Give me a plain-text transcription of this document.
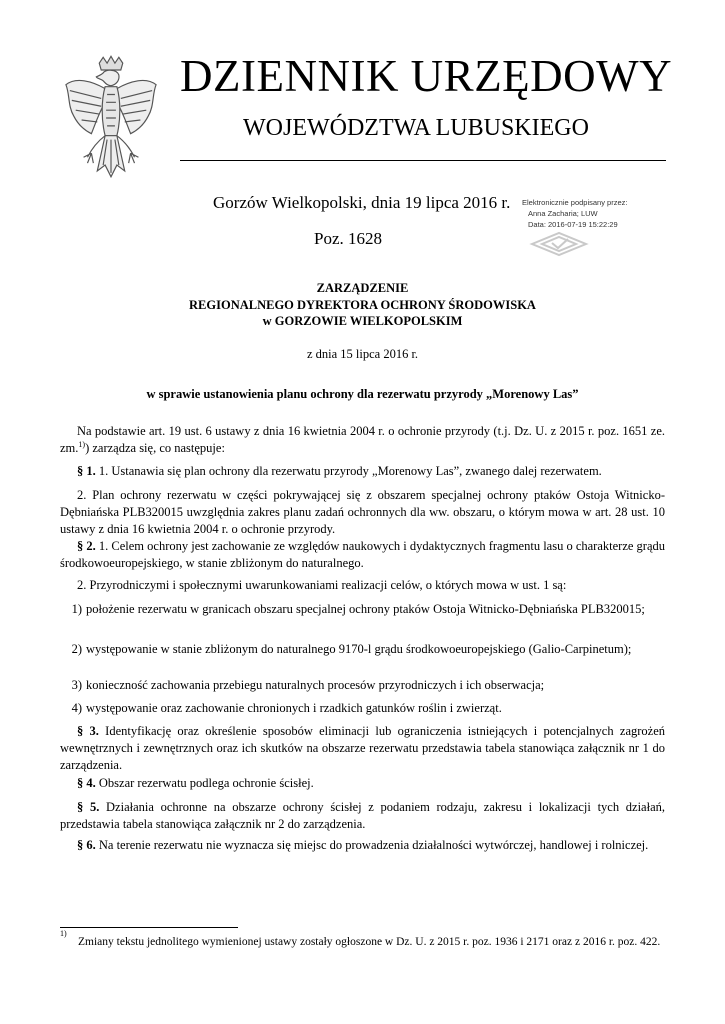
DZIENNIK URZĘDOWY
WOJEWÓDZTWA LUBUSKIEGO
Gorzów Wielkopolski, dnia 19 lipca 2016 r.
Poz. 1628
Elektronicznie podpisany przez:
Anna Zacharia; LUW
Data: 2016-07-19 15:22:29
ZARZĄDZENIE
REGIONALNEGO DYREKTORA OCHRONY ŚRODOWISKA
w GORZOWIE WIELKOPOLSKIM
z dnia 15 lipca 2016 r.
w sprawie ustanowienia planu ochrony dla rezerwatu przyrody „Morenowy Las”
Na podstawie art. 19 ust. 6 ustawy z dnia 16 kwietnia 2004 r. o ochronie przyrody (t.j. Dz. U. z 2015 r. poz. 1651 ze. zm.$^{1)}$) zarządza się, co następuje:
§ 1. 1. Ustanawia się plan ochrony dla rezerwatu przyrody „Morenowy Las”, zwanego dalej rezerwatem.
2. Plan ochrony rezerwatu w części pokrywającej się z obszarem specjalnej ochrony ptaków Ostoja Witnicko-Dębniańska PLB320015 uwzględnia zakres planu zadań ochronnych dla ww. obszaru, o którym mowa w art. 28 ust. 10 ustawy z dnia 16 kwietnia 2004 r. o ochronie przyrody.
§ 2. 1. Celem ochrony jest zachowanie ze względów naukowych i dydaktycznych fragmentu lasu o charakterze grądu środkowoeuropejskiego, w stanie zbliżonym do naturalnego.
2. Przyrodniczymi i społecznymi uwarunkowaniami realizacji celów, o których mowa w ust. 1 są:
1) położenie rezerwatu w granicach obszaru specjalnej ochrony ptaków Ostoja Witnicko-Dębniańska PLB320015;
2) występowanie w stanie zbliżonym do naturalnego 9170-l grądu środkowoeuropejskiego (Galio-Carpinetum);
3) konieczność zachowania przebiegu naturalnych procesów przyrodniczych i ich obserwacja;
4) występowanie oraz zachowanie chronionych i rzadkich gatunków roślin i zwierząt.
§ 3. Identyfikację oraz określenie sposobów eliminacji lub ograniczenia istniejących i potencjalnych zagrożeń wewnętrznych i zewnętrznych oraz ich skutków na obszarze rezerwatu przedstawia tabela stanowiąca załącznik nr 1 do zarządzenia.
§ 4. Obszar rezerwatu podlega ochronie ścisłej.
§ 5. Działania ochronne na obszarze ochrony ścisłej z podaniem rodzaju, zakresu i lokalizacji tych działań, przedstawia tabela stanowiąca załącznik nr 2 do zarządzenia.
§ 6. Na terenie rezerwatu nie wyznacza się miejsc do prowadzenia działalności wytwórczej, handlowej i rolniczej.
1)
Zmiany tekstu jednolitego wymienionej ustawy zostały ogłoszone w Dz. U. z 2015 r. poz. 1936 i 2171 oraz z 2016 r. poz. 422.
